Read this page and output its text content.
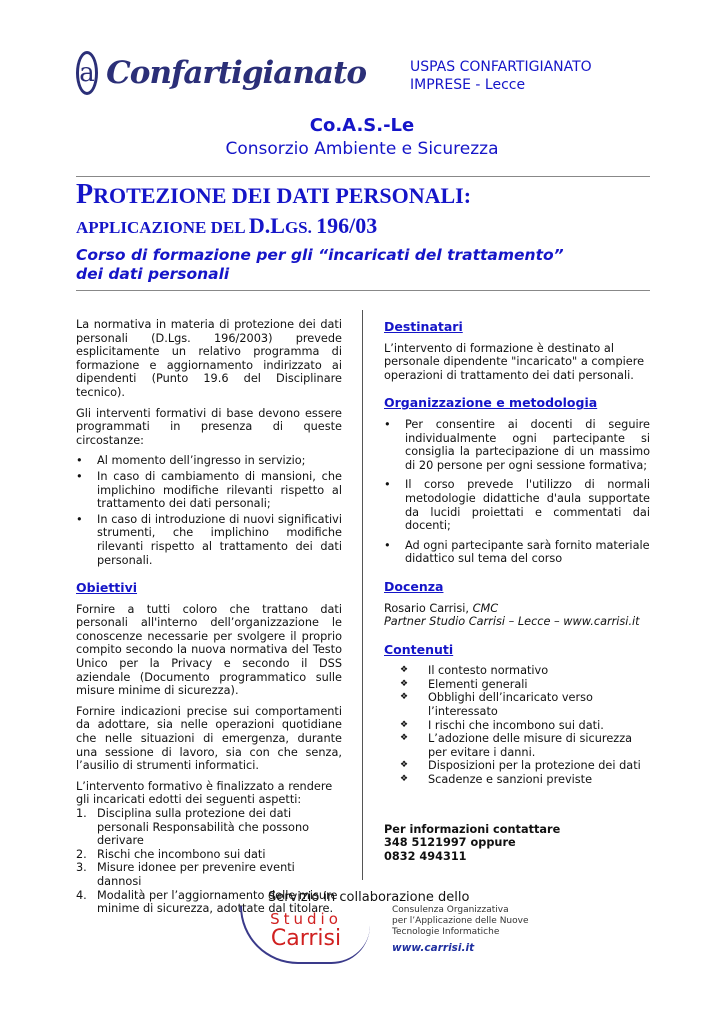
a Confartigianato	USPAS CONFARTIGIANATO
IMPRESE - Lecce
Co.A.S.-Le
Consorzio Ambiente e Sicurezza
PROTEZIONE DEI DATI PERSONALI:
APPLICAZIONE DEL D.LGS. 196/03
Corso di formazione per gli “incaricati del trattamento”
dei dati personali

La normativa in materia di protezione dei dati personali (D.Lgs. 196/2003) prevede esplicitamente un relativo programma di formazione e aggiornamento indirizzato ai dipendenti (Punto 19.6 del Disciplinare tecnico).

Gli interventi formativi di base devono essere programmati in presenza di queste circostanze:

• Al momento dell’ingresso in servizio;
• In caso di cambiamento di mansioni, che implichino modifiche rilevanti rispetto al trattamento dei dati personali;
• In caso di introduzione di nuovi significativi strumenti, che implichino modifiche rilevanti rispetto al trattamento dei dati personali.
Obiettivi

Fornire a tutti coloro che trattano dati personali all'interno dell’organizzazione le conoscenze necessarie per svolgere il proprio compito secondo la nuova normativa del Testo Unico per la Privacy e secondo il DSS aziendale (Documento programmatico sulle misure minime di sicurezza).

Fornire indicazioni precise sui comportamenti da adottare, sia nelle operazioni quotidiane che nelle situazioni di emergenza, durante una sessione di lavoro, sia con che senza, l’ausilio di strumenti informatici.

L’intervento formativo è finalizzato a rendere gli incaricati edotti dei seguenti aspetti:

1. Disciplina sulla protezione dei dati personali Responsabilità che possono derivare
2. Rischi che incombono sui dati
3. Misure idonee per prevenire eventi dannosi
4. Modalità per l’aggiornamento delle misure minime di sicurezza, adottate dal titolare.
Destinatari

L’intervento di formazione è destinato al personale dipendente "incaricato" a compiere operazioni di trattamento dei dati personali.

Organizzazione e metodologia
• Per consentire ai docenti di seguire individualmente ogni partecipante si consiglia la partecipazione di un massimo di 20 persone per ogni sessione formativa;
• Il corso prevede l'utilizzo di normali metodologie didattiche d'aula supportate da lucidi proiettati e commentati dai docenti;
• Ad ogni partecipante sarà fornito materiale didattico sul tema del corso
Docenza
Rosario Carrisi, CMC
Partner Studio Carrisi – Lecce – www.carrisi.it
Contenuti
❖ Il contesto normativo
❖ Elementi generali
❖ Obblighi dell’incaricato verso l’interessato
❖ I rischi che incombono sui dati.
❖ L’adozione delle misure di sicurezza per evitare i danni.
❖ Disposizioni per la protezione dei dati
❖ Scadenze e sanzioni previste
Per informazioni contattare
348 5121997 oppure
0832 494311
Servizio in collaborazione dello
Studio
Carrisi
Consulenza Organizzativa
per l’Applicazione delle Nuove
Tecnologie Informatiche
www.carrisi.it
